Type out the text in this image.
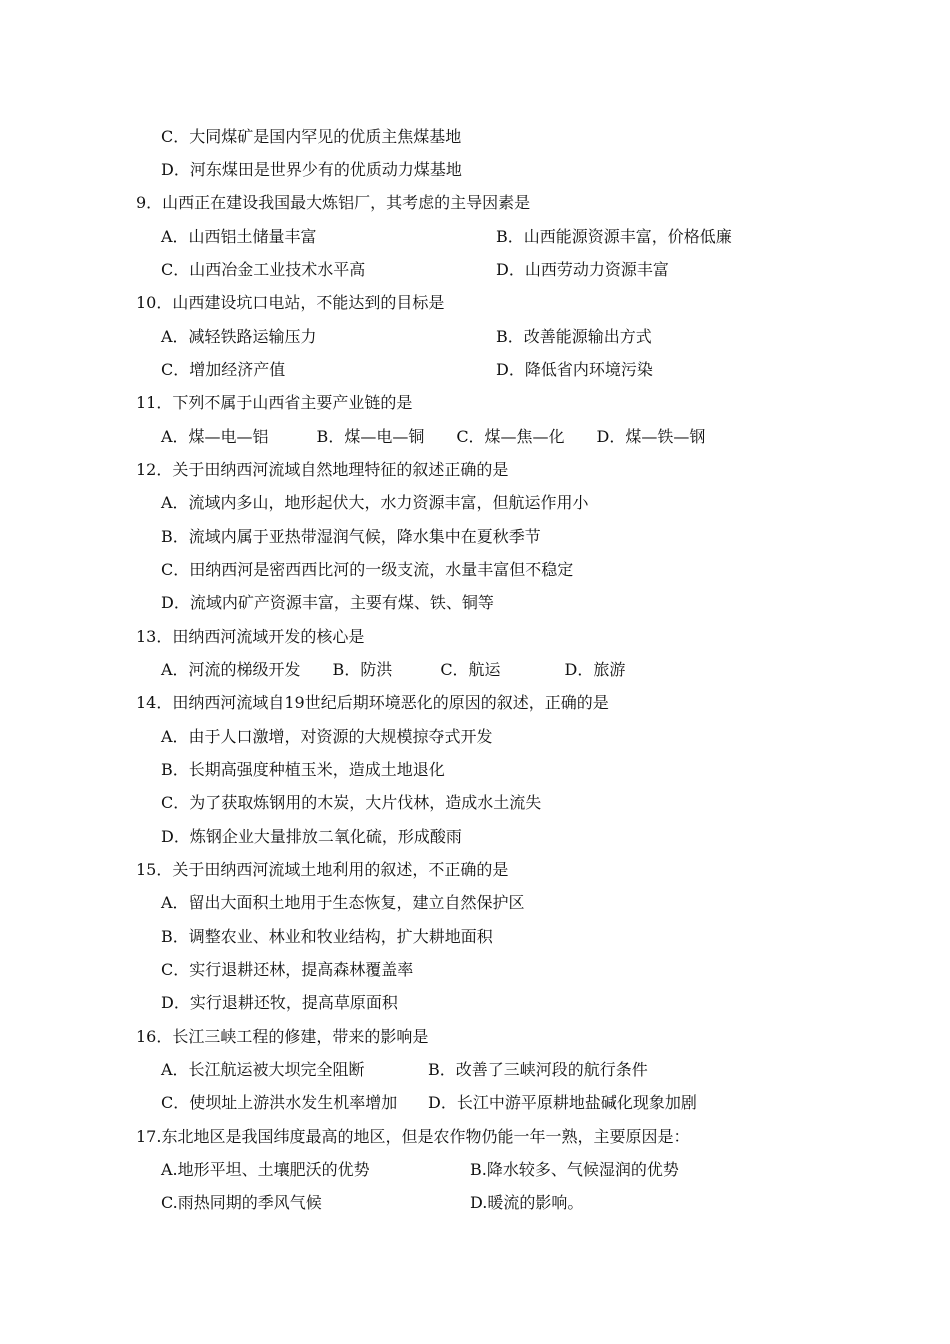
C．大同煤矿是国内罕见的优质主焦煤基地
D．河东煤田是世界少有的优质动力煤基地
9．山西正在建设我国最大炼铝厂，其考虑的主导因素是
A．山西铝土储量丰富	B．山西能源资源丰富，价格低廉
C．山西冶金工业技术水平高	D．山西劳动力资源丰富
10．山西建设坑口电站，不能达到的目标是
A．减轻铁路运输压力	B．改善能源输出方式
C．增加经济产值	D．降低省内环境污染
11．下列不属于山西省主要产业链的是
A．煤—电—铝　　　B．煤—电—铜　　C．煤—焦—化　　D．煤—铁—钢
12．关于田纳西河流域自然地理特征的叙述正确的是
A．流域内多山，地形起伏大，水力资源丰富，但航运作用小
B．流域内属于亚热带湿润气候，降水集中在夏秋季节
C．田纳西河是密西西比河的一级支流，水量丰富但不稳定
D．流域内矿产资源丰富，主要有煤、铁、铜等
13．田纳西河流域开发的核心是
A．河流的梯级开发　　B．防洪　　　C．航运　　　　D．旅游
14．田纳西河流域自19世纪后期环境恶化的原因的叙述，正确的是
A．由于人口激增，对资源的大规模掠夺式开发
B．长期高强度种植玉米，造成土地退化
C．为了获取炼钢用的木炭，大片伐林，造成水土流失
D．炼钢企业大量排放二氧化硫，形成酸雨
15．关于田纳西河流域土地利用的叙述，不正确的是
A．留出大面积土地用于生态恢复，建立自然保护区
B．调整农业、林业和牧业结构，扩大耕地面积
C．实行退耕还林，提高森林覆盖率
D．实行退耕还牧，提高草原面积
16．长江三峡工程的修建，带来的影响是
A．长江航运被大坝完全阻断	B．改善了三峡河段的航行条件
C．使坝址上游洪水发生机率增加 D．长江中游平原耕地盐碱化现象加剧
17.东北地区是我国纬度最高的地区，但是农作物仍能一年一熟，主要原因是：
A.地形平坦、土壤肥沃的优势	B.降水较多、气候湿润的优势
C.雨热同期的季风气候	D.暖流的影响。
